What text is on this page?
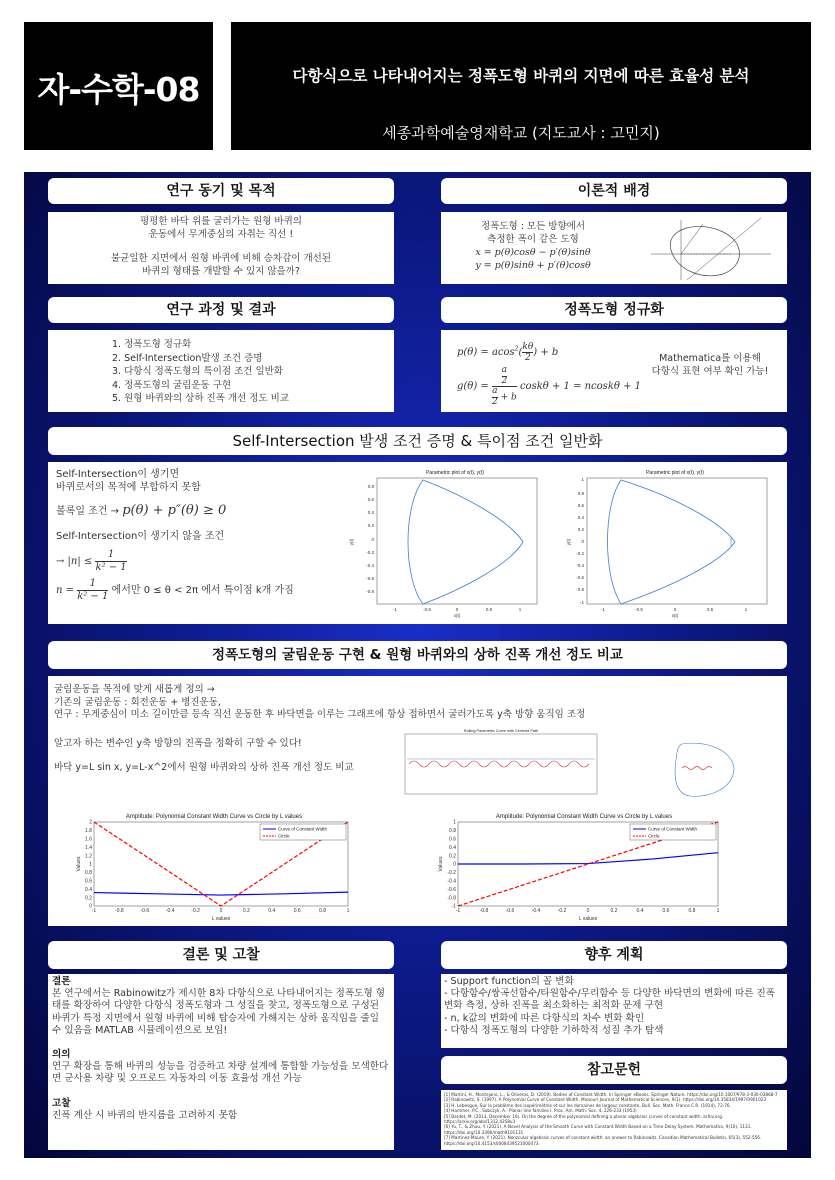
자-수학-08	다항식으로 나타내어지는 정폭도형 바퀴의 지면에 따른 효율성 분석
세종과학예술영재학교 (지도교사 : 고민지)
연구 동기 및 목적
평평한 바닥 위를 굴러가는 원형 바퀴의
운동에서 무게중심의 자취는 직선 !
불균일한 지면에서 원형 바퀴에 비해 승차감이 개선된
바퀴의 형태를 개발할 수 있지 않을까?
이론적 배경
정폭도형 : 모든 방향에서
측정한 폭이 같은 도형
x = p(θ)cosθ − p′(θ)sinθ
y = p(θ)sinθ + p′(θ)cosθ
연구 과정 및 결과
1. 정폭도형 정규화
2. Self-Intersection발생 조건 증명
3. 다항식 정폭도형의 특이점 조건 일반화
4. 정폭도형의 굴림운동 구현
5. 원형 바퀴와의 상하 진폭 개선 정도 비교
정폭도형 정규화
$p(\theta) = acos^2( \frac{k\theta}{2}$ ) + b
$g(\theta) = \frac{\frac{a}{2}}{\frac{a}{2} + b}$ coskθ + 1 = ncoskθ + 1
Mathematica를 이용해
다항식 표현 여부 확인 가능!
Self-Intersection 발생 조건 증명 & 특이점 조건 일반화
Self-Intersection이 생기면
바퀴로서의 목적에 부합하지 못함
볼록일 조건 → p(θ) + p″(θ) ≥ 0
Self-Intersection이 생기지 않을 조건
→ $|n| \le \frac{1}{\text{k² − 1}}$
$n = \frac{1}{\text{k² − 1}}$ 에서만 0 ≤ θ < 2π 에서 특이점 k개 가짐
Parametric plot of x(t), y(t)
0.8
0.6
0.4
0.2
0
-0.2
-0.4
-0.6
-0.8
-1	-0.5	0	0.5	1
x(t)
y(t)
Parametric plot of x(t), y(t)
1
0.8
0.6
0.4
0.2
0
-0.2
-0.4
-0.6
-0.8
-1
-1	-0.5	0	0.5	1
x(t)
y(t)
정폭도형의 굴림운동 구현 & 원형 바퀴와의 상하 진폭 개선 정도 비교
굴림운동을 목적에 맞게 새롭게 정의 →
기존의 굴림운동 : 회전운동 + 병진운동,
연구 : 무게중심이 미소 길이만큼 등속 직선 운동한 후 바닥면을 이루는 그래프에 항상 접하면서 굴러가도록 y축 방향 움직임 조정
알고자 하는 변수인 y축 방향의 진폭을 정확히 구할 수 있다!
바닥 y=L sin x, y=L-x^2에서 원형 바퀴와의 상하 진폭 개선 정도 비교
Rolling Parametric Curve with Centroid Path
Amplitude: Polynomial Constant Width Curve vs Circle by L values
0
0.2
0.4
0.6
0.8
1
1.2
1.4
1.6
1.8
2
-1	-0.8	-0.6	-0.4	-0.2	0	0.2	0.4	0.6	0.8	1
L values
Values
Curve of Constant Width
Circle
Amplitude: Polynomial Constant Width Curve vs Circle by L values
-1
-0.8
-0.6
-0.4
-0.2
0
0.2
0.4
0.6
0.8
1
-1	-0.8	-0.6	-0.4	-0.2	0	0.2	0.4	0.6	0.8	1
L values
Values
Curve of Constant Width
Circle
결론 및 고찰
결론
본 연구에서는 Rabinowitz가 제시한 8차 다항식으로 나타내어지는 정폭도형 형태를 확장하여 다양한 다항식 정폭도형과 그 성질을 찾고, 정폭도형으로 구성된 바퀴가 특정 지면에서 원형 바퀴에 비해 탑승자에 가해지는 상하 움직임을 줄일 수 있음을 MATLAB 시뮬레이션으로 보임!
의의
연구 확장을 통해 바퀴의 성능을 검증하고 차량 설계에 통합할 가능성을 모색한다면 군사용 차량 및 오프로드 자동차의 이동 효율성 개선 가능
고찰
진폭 계산 시 바퀴의 반지름을 고려하지 못함
향후 계획
- Support function의 꼴 변화
- 다항함수/쌍곡선함수/타원함수/무리함수 등 다양한 바닥면의 변화에 따른 진폭 변화 측정, 상하 진폭을 최소화하는 최적화 문제 구현
- n, k값의 변화에 따른 다항식의 차수 변화 확인
- 다항식 정폭도형의 다양한 기하학적 성질 추가 탐색
참고문헌
[1] Martini, H., Montejano, L., & Oliveros, D. (2019). Bodies of Constant Width. In Springer eBooks. Springer Nature. https://doi.org/10.1007/978-3-030-03868-7
[2] Rabinowitz, S. (1997). A Polynomial Curve of Constant Width. Missouri Journal of Mathematical Sciences, 9(1). https://doi.org/10.35834/1997/0901023
[3] H. Lebesgue, Sur le problème des isopérimètres et sur les domaines de largeur constante, Bull. Soc. Math. France C.R. (1914), 72-76.
[4] Hammer, P.C., Sobczyk, A.: Planar line families I. Proc. Am. Math. Soc. 4, 226-233 (1953)
[5] Bardet, M. (2013, December 16). On the degree of the polynomial defining a planar algebraic curves of constant width. arXiv.org. https://arxiv.org/abs/1312.4358v3
[6] Yu, T., & Zhou, Y. (2021). A Novel Analysis of the Smooth Curve with Constant Width Based on a Time Delay System. Mathematics, 9(10), 1131. https://doi.org/10.3390/math9101131
[7] Martinez-Maure, Y. (2021). Nonzcular algebraic curves of constant width: an answer to Rabinowitz. Canadian Mathematical Bulletin, 65(3), 552-556. https://doi.org/10.4153/s0008439521000473
